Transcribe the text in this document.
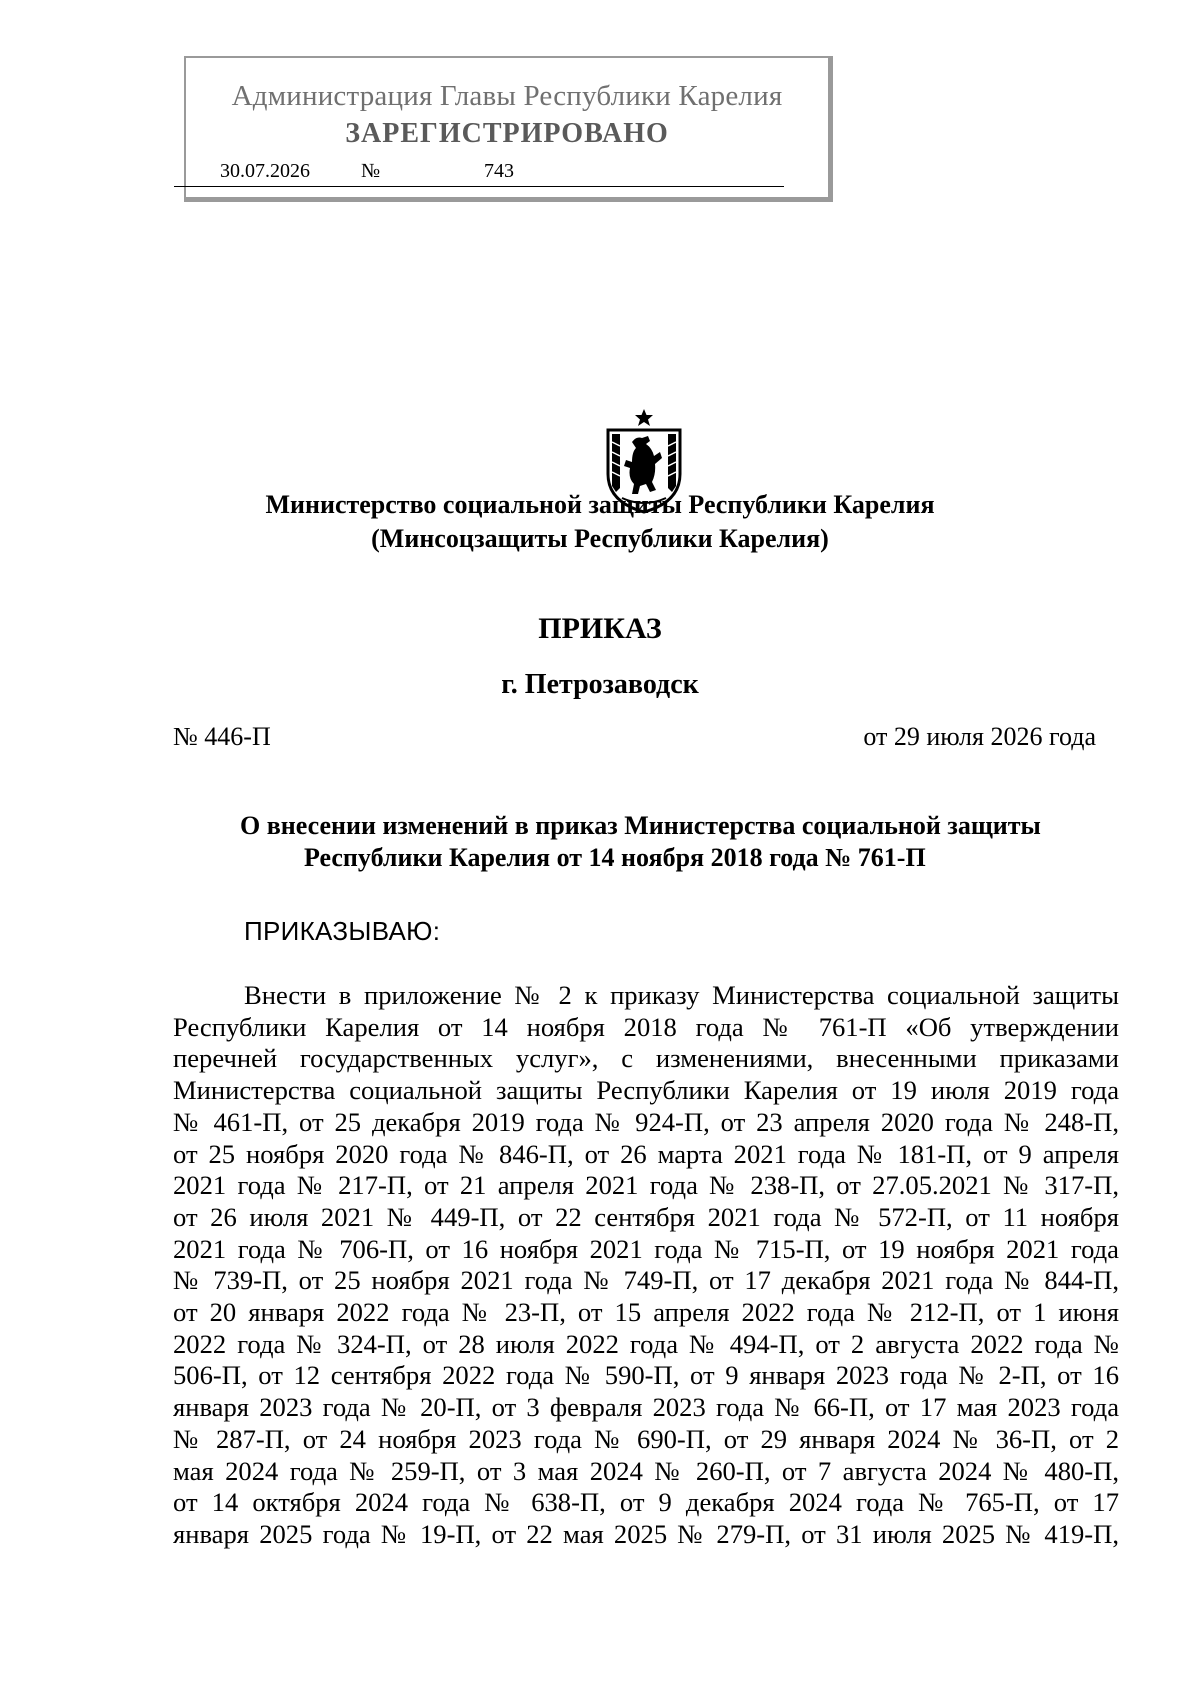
Администрация Главы Республики Карелия
ЗАРЕГИСТРИРОВАНО
30.07.2026	№	743
Министерство социальной защиты Республики Карелия
(Минсоцзащиты Республики Карелия)
ПРИКАЗ
г. Петрозаводск
№ 446-П	от 29 июля 2026 года
О внесении изменений в приказ Министерства социальной защиты
Республики Карелия от 14 ноября 2018 года № 761-П
ПРИКАЗЫВАЮ:
Внести в приложение № 2 к приказу Министерства социальной защиты
Республики Карелия от 14 ноября 2018 года № 761-П «Об утверждении
перечней государственных услуг», с изменениями, внесенными приказами
Министерства социальной защиты Республики Карелия от 19 июля 2019 года
№ 461-П, от 25 декабря 2019 года № 924-П, от 23 апреля 2020 года № 248-П,
от 25 ноября 2020 года № 846-П, от 26 марта 2021 года № 181-П, от 9 апреля
2021 года № 217-П, от 21 апреля 2021 года № 238-П, от 27.05.2021 № 317-П,
от 26 июля 2021 № 449-П, от 22 сентября 2021 года № 572-П, от 11 ноября
2021 года № 706-П, от 16 ноября 2021 года № 715-П, от 19 ноября 2021 года
№ 739-П, от 25 ноября 2021 года № 749-П, от 17 декабря 2021 года № 844-П,
от 20 января 2022 года № 23-П, от 15 апреля 2022 года № 212-П, от 1 июня
2022 года № 324-П, от 28 июля 2022 года № 494-П, от 2 августа 2022 года №
506-П, от 12 сентября 2022 года № 590-П, от 9 января 2023 года № 2-П, от 16
января 2023 года № 20-П, от 3 февраля 2023 года № 66-П, от 17 мая 2023 года
№ 287-П, от 24 ноября 2023 года № 690-П, от 29 января 2024 № 36-П, от 2
мая 2024 года № 259-П, от 3 мая 2024 № 260-П, от 7 августа 2024 № 480-П,
от 14 октября 2024 года № 638-П, от 9 декабря 2024 года № 765-П, от 17
января 2025 года № 19-П, от 22 мая 2025 № 279-П, от 31 июля 2025 № 419-П,
